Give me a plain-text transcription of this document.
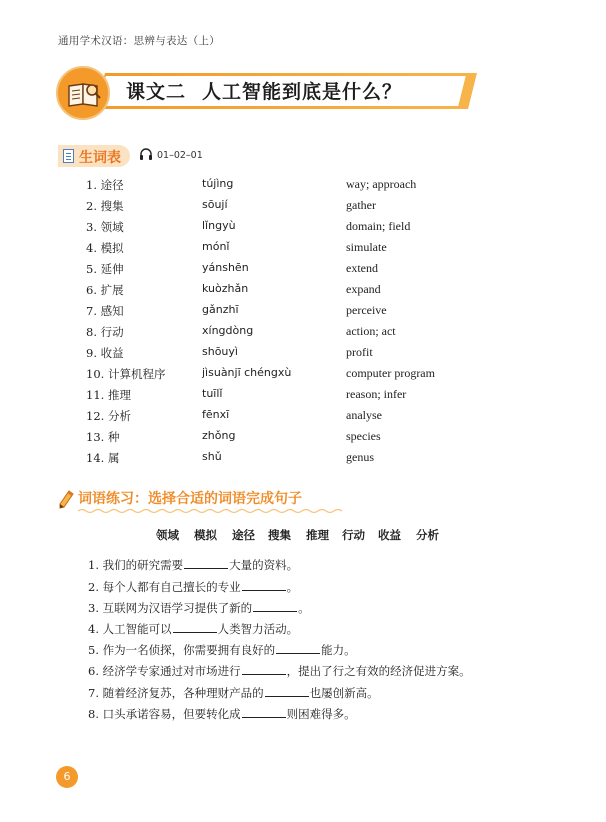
通用学术汉语：思辨与表达（上）
课文二 人工智能到底是什么？
生词表	01–02–01
1. 途径	tújìng	way; approach
2. 搜集	sōují	gather
3. 领域	lǐngyù	domain; field
4. 模拟	mónǐ	simulate
5. 延伸	yánshēn	extend
6. 扩展	kuòzhǎn	expand
7. 感知	gǎnzhī	perceive
8. 行动	xíngdòng	action; act
9. 收益	shōuyì	profit
10. 计算机程序	jìsuànjī chéngxù	computer program
11. 推理	tuīlǐ	reason; infer
12. 分析	fēnxī	analyse
13. 种	zhǒng	species
14. 属	shǔ	genus
词语练习：选择合适的词语完成句子
领域 模拟 途径 搜集 推理 行动 收益 分析
1. 我们的研究需要	大量的资料。
2. 每个人都有自己擅长的专业	。
3. 互联网为汉语学习提供了新的	。
4. 人工智能可以	人类智力活动。
5. 作为一名侦探，你需要拥有良好的	能力。
6. 经济学专家通过对市场进行	，提出了行之有效的经济促进方案。
7. 随着经济复苏，各种理财产品的	也屡创新高。
8. 口头承诺容易，但要转化成	则困难得多。
6
